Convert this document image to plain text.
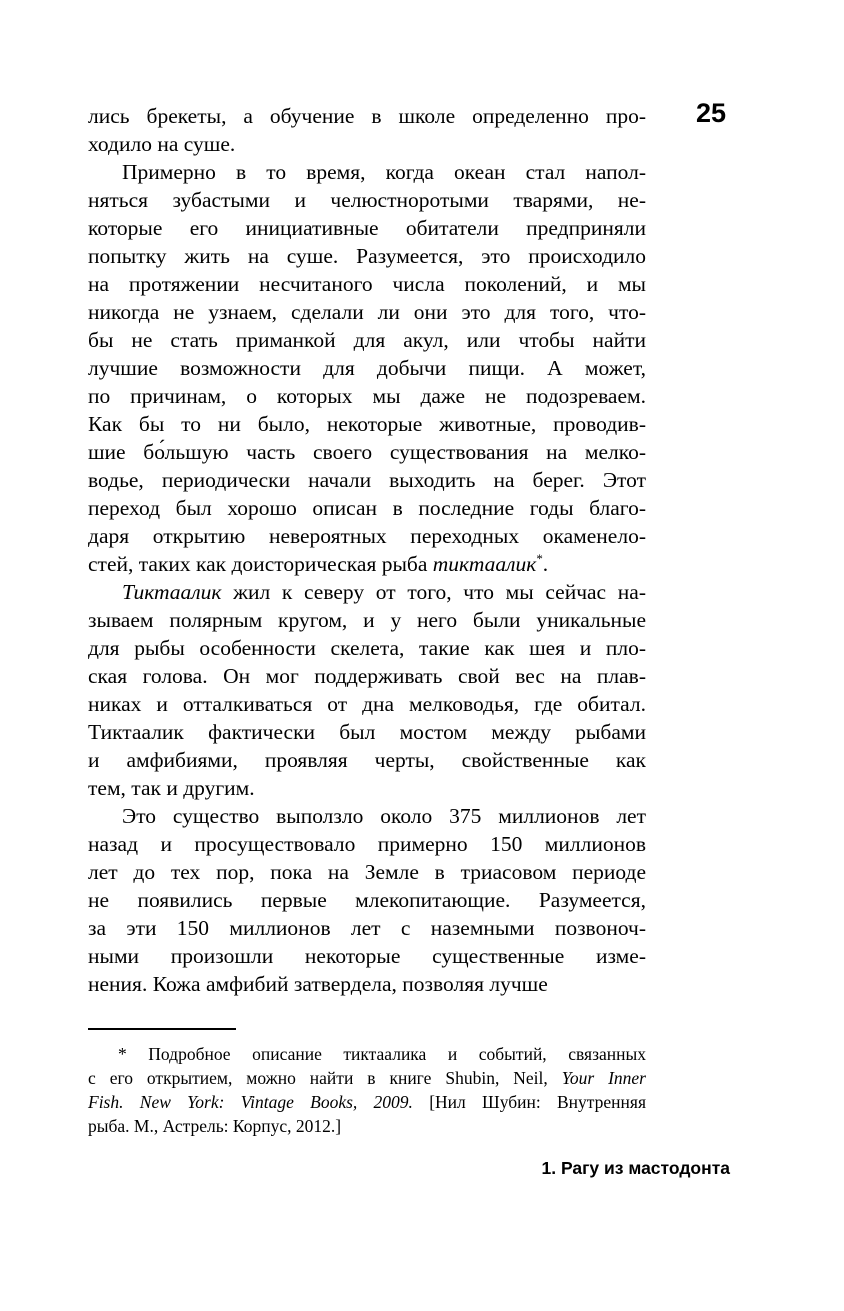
25
лись брекеты, а обучение в школе определенно про-
ходило на суше.
Примерно в то время, когда океан стал напол-
няться зубастыми и челюстноротыми тварями, не-
которые его инициативные обитатели предприняли
попытку жить на суше. Разумеется, это происходило
на протяжении несчитаного числа поколений, и мы
никогда не узнаем, сделали ли они это для того, что-
бы не стать приманкой для акул, или чтобы найти
лучшие возможности для добычи пищи. А может,
по причинам, о которых мы даже не подозреваем.
Как бы то ни было, некоторые животные, проводив-
шие бо́льшую часть своего существования на мелко-
водье, периодически начали выходить на берег. Этот
переход был хорошо описан в последние годы благо-
даря открытию невероятных переходных окаменело-
стей, таких как доисторическая рыба тиктаалик*.
Тиктаалик жил к северу от того, что мы сейчас на-
зываем полярным кругом, и у него были уникальные
для рыбы особенности скелета, такие как шея и пло-
ская голова. Он мог поддерживать свой вес на плав-
никах и отталкиваться от дна мелководья, где обитал.
Тиктаалик фактически был мостом между рыбами
и амфибиями, проявляя черты, свойственные как
тем, так и другим.
Это существо выползло около 375 миллионов лет
назад и просуществовало примерно 150 миллионов
лет до тех пор, пока на Земле в триасовом периоде
не появились первые млекопитающие. Разумеется,
за эти 150 миллионов лет с наземными позвоноч-
ными произошли некоторые существенные изме-
нения. Кожа амфибий затвердела, позволяя лучше
* Подробное описание тиктаалика и событий, связанных
с его открытием, можно найти в книге Shubin, Neil, Your Inner
Fish. New York: Vintage Books, 2009. [Нил Шубин: Внутренняя
рыба. М., Астрель: Корпус, 2012.]
1. Рагу из мастодонта
